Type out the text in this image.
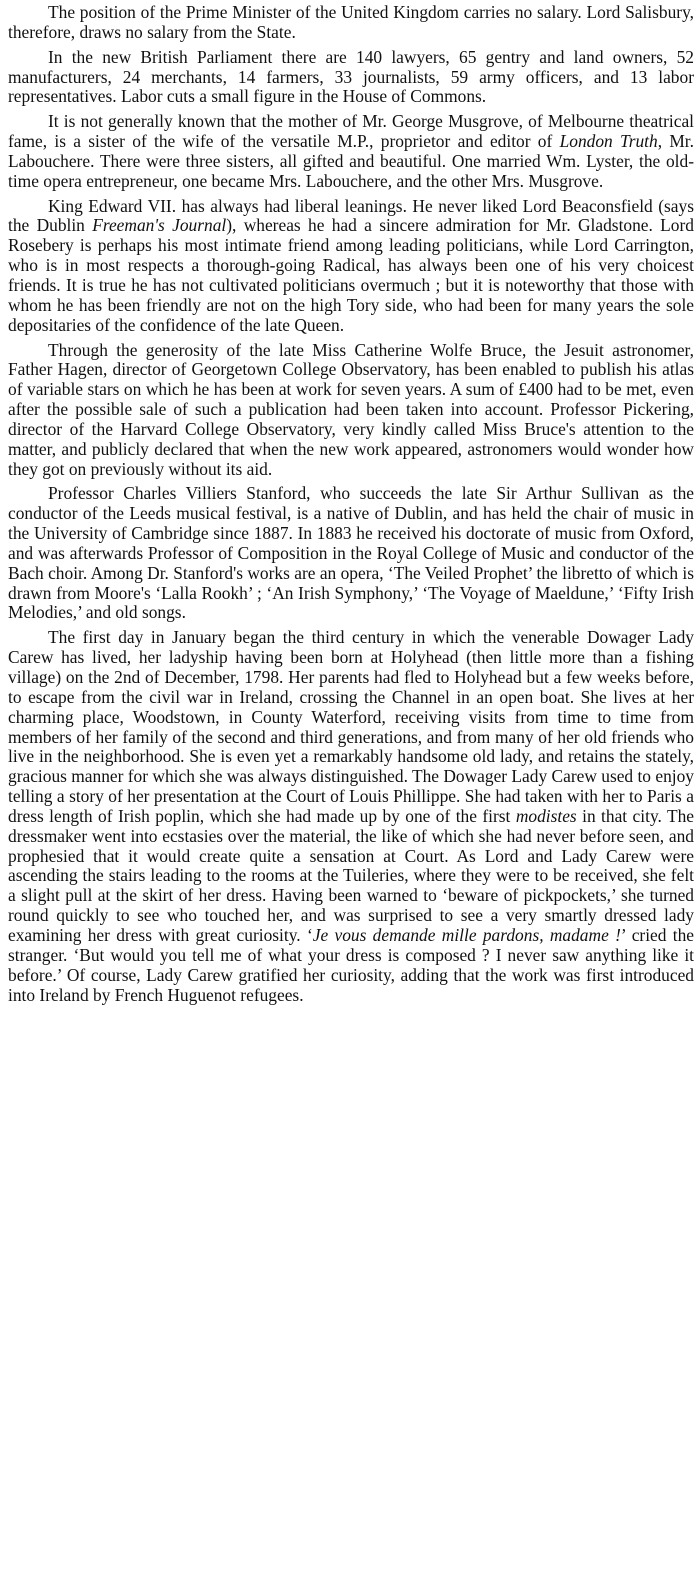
The position of the Prime Minister of the United Kingdom carries no salary. Lord Salisbury, therefore, draws no salary from the State.

In the new British Parliament there are 140 lawyers, 65 gentry and land owners, 52 manufacturers, 24 merchants, 14 farmers, 33 journalists, 59 army officers, and 13 labor representatives. Labor cuts a small figure in the House of Commons.

It is not generally known that the mother of Mr. George Musgrove, of Melbourne theatrical fame, is a sister of the wife of the versatile M.P., proprietor and editor of London Truth, Mr. Labouchere. There were three sisters, all gifted and beautiful. One married Wm. Lyster, the old-time opera entrepreneur, one became Mrs. Labouchere, and the other Mrs. Musgrove.

King Edward VII. has always had liberal leanings. He never liked Lord Beaconsfield (says the Dublin Freeman's Journal), whereas he had a sincere admiration for Mr. Gladstone. Lord Rosebery is perhaps his most intimate friend among leading politicians, while Lord Carrington, who is in most respects a thorough-going Radical, has always been one of his very choicest friends. It is true he has not cultivated politicians overmuch ; but it is noteworthy that those with whom he has been friendly are not on the high Tory side, who had been for many years the sole depositaries of the confidence of the late Queen.

Through the generosity of the late Miss Catherine Wolfe Bruce, the Jesuit astronomer, Father Hagen, director of Georgetown College Observatory, has been enabled to publish his atlas of variable stars on which he has been at work for seven years. A sum of £400 had to be met, even after the possible sale of such a publication had been taken into account. Professor Pickering, director of the Harvard College Observatory, very kindly called Miss Bruce's attention to the matter, and publicly declared that when the new work appeared, astronomers would wonder how they got on previously without its aid.

Professor Charles Villiers Stanford, who succeeds the late Sir Arthur Sullivan as the conductor of the Leeds musical festival, is a native of Dublin, and has held the chair of music in the University of Cambridge since 1887. In 1883 he received his doctorate of music from Oxford, and was afterwards Professor of Composition in the Royal College of Music and conductor of the Bach choir. Among Dr. Stanford's works are an opera, ‘The Veiled Prophet’ the libretto of which is drawn from Moore's ‘Lalla Rookh’ ; ‘An Irish Symphony,’ ‘The Voyage of Maeldune,’ ‘Fifty Irish Melodies,’ and old songs.

The first day in January began the third century in which the venerable Dowager Lady Carew has lived, her ladyship having been born at Holyhead (then little more than a fishing village) on the 2nd of December, 1798. Her parents had fled to Holyhead but a few weeks before, to escape from the civil war in Ireland, crossing the Channel in an open boat. She lives at her charming place, Woodstown, in County Waterford, receiving visits from time to time from members of her family of the second and third generations, and from many of her old friends who live in the neighborhood. She is even yet a remarkably handsome old lady, and retains the stately, gracious manner for which she was always distinguished. The Dowager Lady Carew used to enjoy telling a story of her presentation at the Court of Louis Phillippe. She had taken with her to Paris a dress length of Irish poplin, which she had made up by one of the first modistes in that city. The dressmaker went into ecstasies over the material, the like of which she had never before seen, and prophesied that it would create quite a sensation at Court. As Lord and Lady Carew were ascending the stairs leading to the rooms at the Tuileries, where they were to be received, she felt a slight pull at the skirt of her dress. Having been warned to ‘beware of pickpockets,’ she turned round quickly to see who touched her, and was surprised to see a very smartly dressed lady examining her dress with great curiosity. ‘Je vous demande mille pardons, madame !’ cried the stranger. ‘But would you tell me of what your dress is composed ? I never saw anything like it before.’ Of course, Lady Carew gratified her curiosity, adding that the work was first introduced into Ireland by French Huguenot refugees.
